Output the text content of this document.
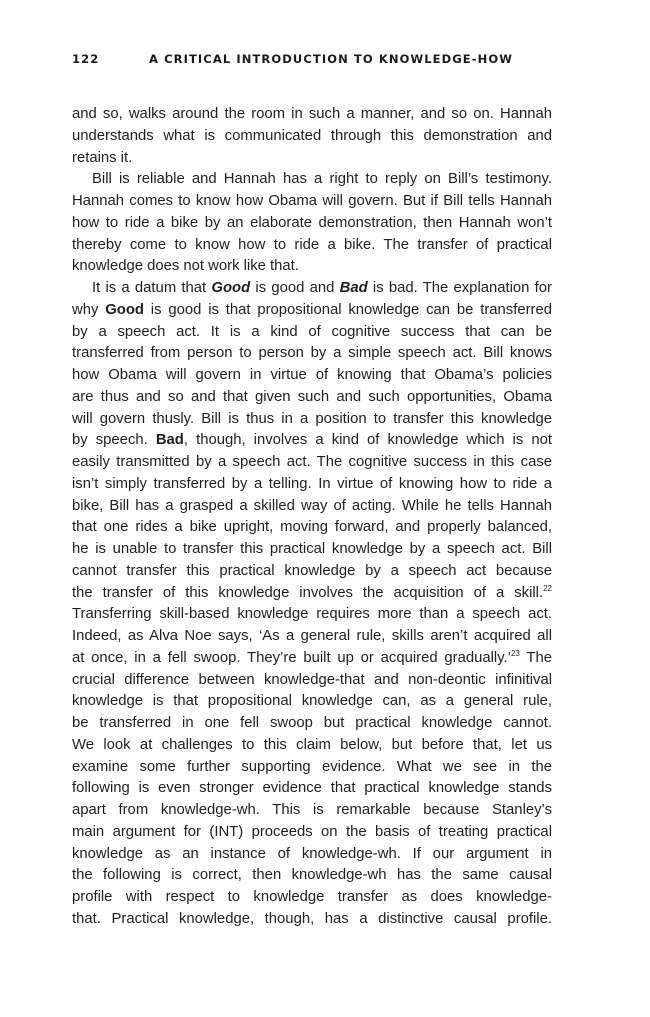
122	A CRITICAL INTRODUCTION TO KNOWLEDGE-HOW
and so, walks around the room in such a manner, and so on. Hannah
understands what is communicated through this demonstration and
retains it.
Bill is reliable and Hannah has a right to reply on Bill’s testimony.
Hannah comes to know how Obama will govern. But if Bill tells Hannah
how to ride a bike by an elaborate demonstration, then Hannah won’t
thereby come to know how to ride a bike. The transfer of practical
knowledge does not work like that.
It is a datum that Good is good and Bad is bad. The explanation for
why Good is good is that propositional knowledge can be transferred
by a speech act. It is a kind of cognitive success that can be
transferred from person to person by a simple speech act. Bill knows
how Obama will govern in virtue of knowing that Obama’s policies
are thus and so and that given such and such opportunities, Obama
will govern thusly. Bill is thus in a position to transfer this knowledge
by speech. Bad, though, involves a kind of knowledge which is not
easily transmitted by a speech act. The cognitive success in this case
isn’t simply transferred by a telling. In virtue of knowing how to ride a
bike, Bill has a grasped a skilled way of acting. While he tells Hannah
that one rides a bike upright, moving forward, and properly balanced,
he is unable to transfer this practical knowledge by a speech act. Bill
cannot transfer this practical knowledge by a speech act because
the transfer of this knowledge involves the acquisition of a skill.$^{22}$
Transferring skill-based knowledge requires more than a speech act.
Indeed, as Alva Noe says, ‘As a general rule, skills aren’t acquired all
at once, in a fell swoop. They’re built up or acquired gradually.’$^{23}$ The
crucial difference between knowledge-that and non-deontic infinitival
knowledge is that propositional knowledge can, as a general rule,
be transferred in one fell swoop but practical knowledge cannot.
We look at challenges to this claim below, but before that, let us
examine some further supporting evidence. What we see in the
following is even stronger evidence that practical knowledge stands
apart from knowledge-wh. This is remarkable because Stanley’s
main argument for (INT) proceeds on the basis of treating practical
knowledge as an instance of knowledge-wh. If our argument in
the following is correct, then knowledge-wh has the same causal
profile with respect to knowledge transfer as does knowledge-
that. Practical knowledge, though, has a distinctive causal profile.
